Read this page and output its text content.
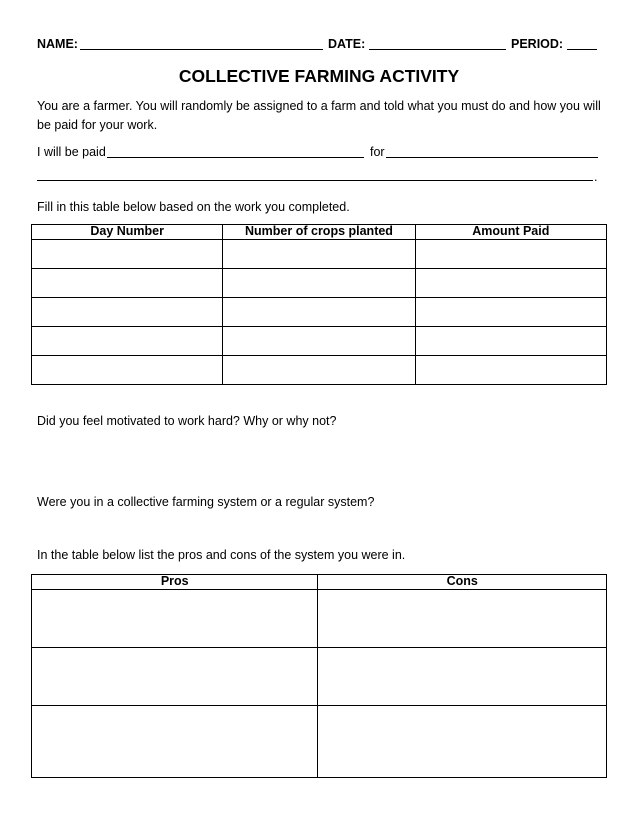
NAME:	DATE:	PERIOD:
COLLECTIVE FARMING ACTIVITY
You are a farmer. You will randomly be assigned to a farm and told what you must do and how you will be paid for your work.
I will be paid	for
.
Fill in this table below based on the work you completed.
Day Number	Number of crops planted	Amount Paid

Did you feel motivated to work hard? Why or why not?
Were you in a collective farming system or a regular system?
In the table below list the pros and cons of the system you were in.
Pros	Cons
